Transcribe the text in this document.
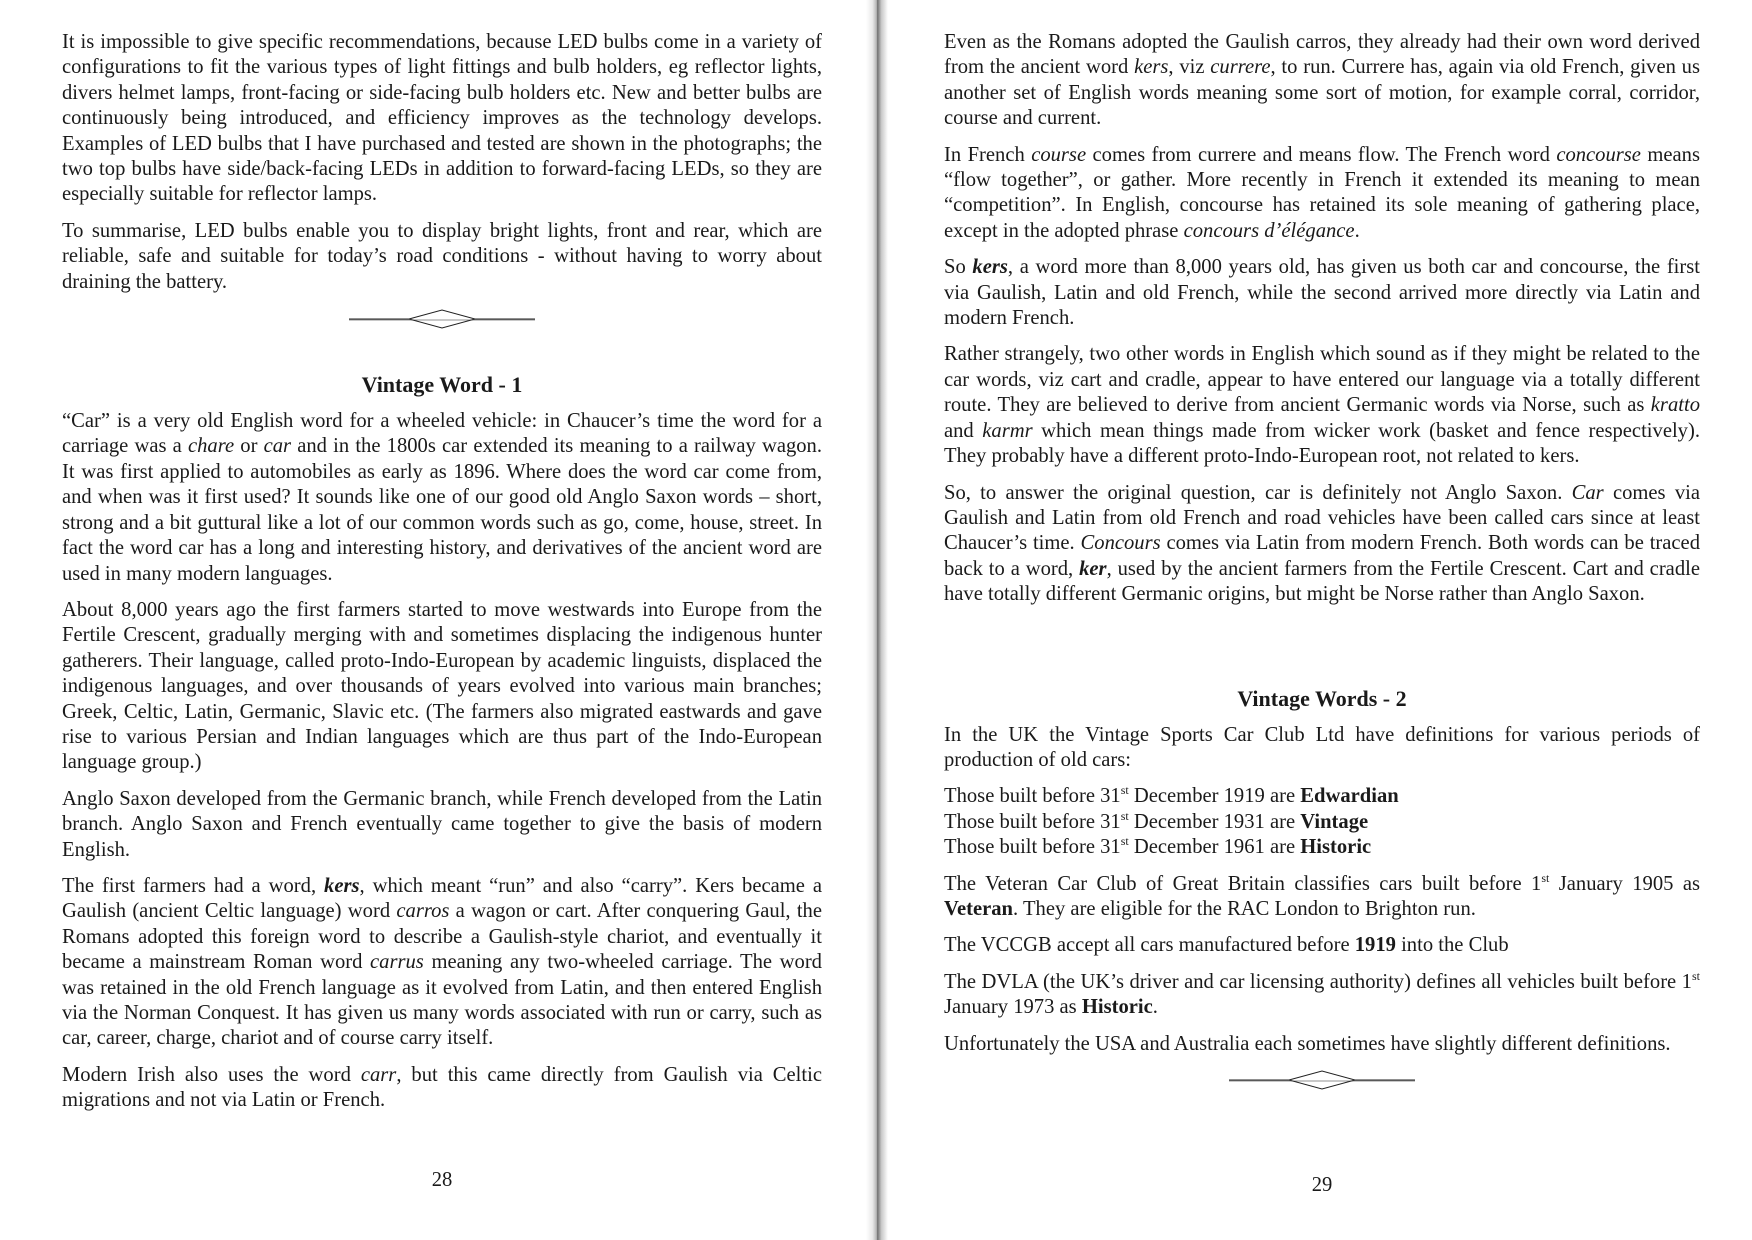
It is impossible to give specific recommendations, because LED bulbs come in a variety of configurations to fit the various types of light fittings and bulb holders, eg reflector lights, divers helmet lamps, front-facing or side-facing bulb holders etc. New and better bulbs are continuously being introduced, and efficiency improves as the technology develops. Examples of LED bulbs that I have purchased and tested are shown in the photographs; the two top bulbs have side/back-facing LEDs in addition to forward-facing LEDs, so they are especially suitable for reflector lamps.

To summarise, LED bulbs enable you to display bright lights, front and rear, which are reliable, safe and suitable for today’s road conditions - without having to worry about draining the battery.

Vintage Word - 1

“Car” is a very old English word for a wheeled vehicle: in Chaucer’s time the word for a carriage was a chare or car and in the 1800s car extended its meaning to a railway wagon. It was first applied to automobiles as early as 1896. Where does the word car come from, and when was it first used? It sounds like one of our good old Anglo Saxon words – short, strong and a bit guttural like a lot of our common words such as go, come, house, street. In fact the word car has a long and interesting history, and derivatives of the ancient word are used in many modern languages.

About 8,000 years ago the first farmers started to move westwards into Europe from the Fertile Crescent, gradually merging with and sometimes displacing the indigenous hunter gatherers. Their language, called proto-Indo-European by academic linguists, displaced the indigenous languages, and over thousands of years evolved into various main branches; Greek, Celtic, Latin, Germanic, Slavic etc. (The farmers also migrated eastwards and gave rise to various Persian and Indian languages which are thus part of the Indo-European language group.)

Anglo Saxon developed from the Germanic branch, while French developed from the Latin branch. Anglo Saxon and French eventually came together to give the basis of modern English.

The first farmers had a word, kers, which meant “run” and also “carry”. Kers became a Gaulish (ancient Celtic language) word carros a wagon or cart. After conquering Gaul, the Romans adopted this foreign word to describe a Gaulish-style chariot, and eventually it became a mainstream Roman word carrus meaning any two-wheeled carriage. The word was retained in the old French language as it evolved from Latin, and then entered English via the Norman Conquest. It has given us many words associated with run or carry, such as car, career, charge, chariot and of course carry itself.

Modern Irish also uses the word carr, but this came directly from Gaulish via Celtic migrations and not via Latin or French.

28

Even as the Romans adopted the Gaulish carros, they already had their own word derived from the ancient word kers, viz currere, to run. Currere has, again via old French, given us another set of English words meaning some sort of motion, for example corral, corridor, course and current.

In French course comes from currere and means flow. The French word concourse means “flow together”, or gather. More recently in French it extended its meaning to mean “competition”. In English, concourse has retained its sole meaning of gathering place, except in the adopted phrase concours d’élégance.

So kers, a word more than 8,000 years old, has given us both car and concourse, the first via Gaulish, Latin and old French, while the second arrived more directly via Latin and modern French.

Rather strangely, two other words in English which sound as if they might be related to the car words, viz cart and cradle, appear to have entered our language via a totally different route. They are believed to derive from ancient Germanic words via Norse, such as kratto and karmr which mean things made from wicker work (basket and fence respectively). They probably have a different proto-Indo-European root, not related to kers.

So, to answer the original question, car is definitely not Anglo Saxon. Car comes via Gaulish and Latin from old French and road vehicles have been called cars since at least Chaucer’s time. Concours comes via Latin from modern French. Both words can be traced back to a word, ker, used by the ancient farmers from the Fertile Crescent. Cart and cradle have totally different Germanic origins, but might be Norse rather than Anglo Saxon.

Vintage Words - 2

In the UK the Vintage Sports Car Club Ltd have definitions for various periods of production of old cars:

Those built before 31st December 1919 are Edwardian

Those built before 31st December 1931 are Vintage

Those built before 31st December 1961 are Historic

The Veteran Car Club of Great Britain classifies cars built before 1st January 1905 as Veteran. They are eligible for the RAC London to Brighton run.

The VCCGB accept all cars manufactured before 1919 into the Club

The DVLA (the UK’s driver and car licensing authority) defines all vehicles built before 1st January 1973 as Historic.

Unfortunately the USA and Australia each sometimes have slightly different definitions.

29
